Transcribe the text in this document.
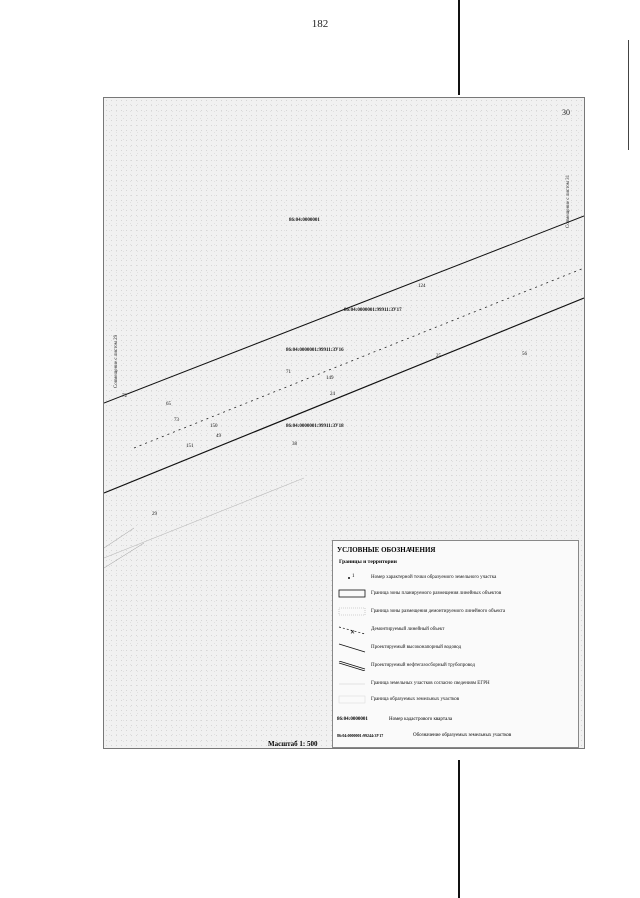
182
30
Совмещение с листом 29
Совмещение с листом 31
86:04:0000001
86:04:0000001:99911:ЗУ17
86:04:0000001:99911:ЗУ16
86:04:0000001:99911:ЗУ18
124
25	56
71
149
24
72
65
73
150
49
151	38
29
УСЛОВНЫЕ ОБОЗНАЧЕНИЯ
Границы и территории
1	Номер характерной точки образуемого земельного участка
Граница зоны планируемого размещения линейных объектов
Граница зоны размещения демонтируемого линейного объекта
✕
Демонтируемый линейный объект
Проектируемый высоконапорный водовод
Проектируемый нефтегазосборный трубопровод
Граница земельных участков согласно сведениям ЕГРН
Граница образуемых земельных участков
86:04:0000001	Номер кадастрового квартала
86:04:0000001:99244:ЗУ17	Обозначение образуемых земельных участков
Масштаб 1: 500
